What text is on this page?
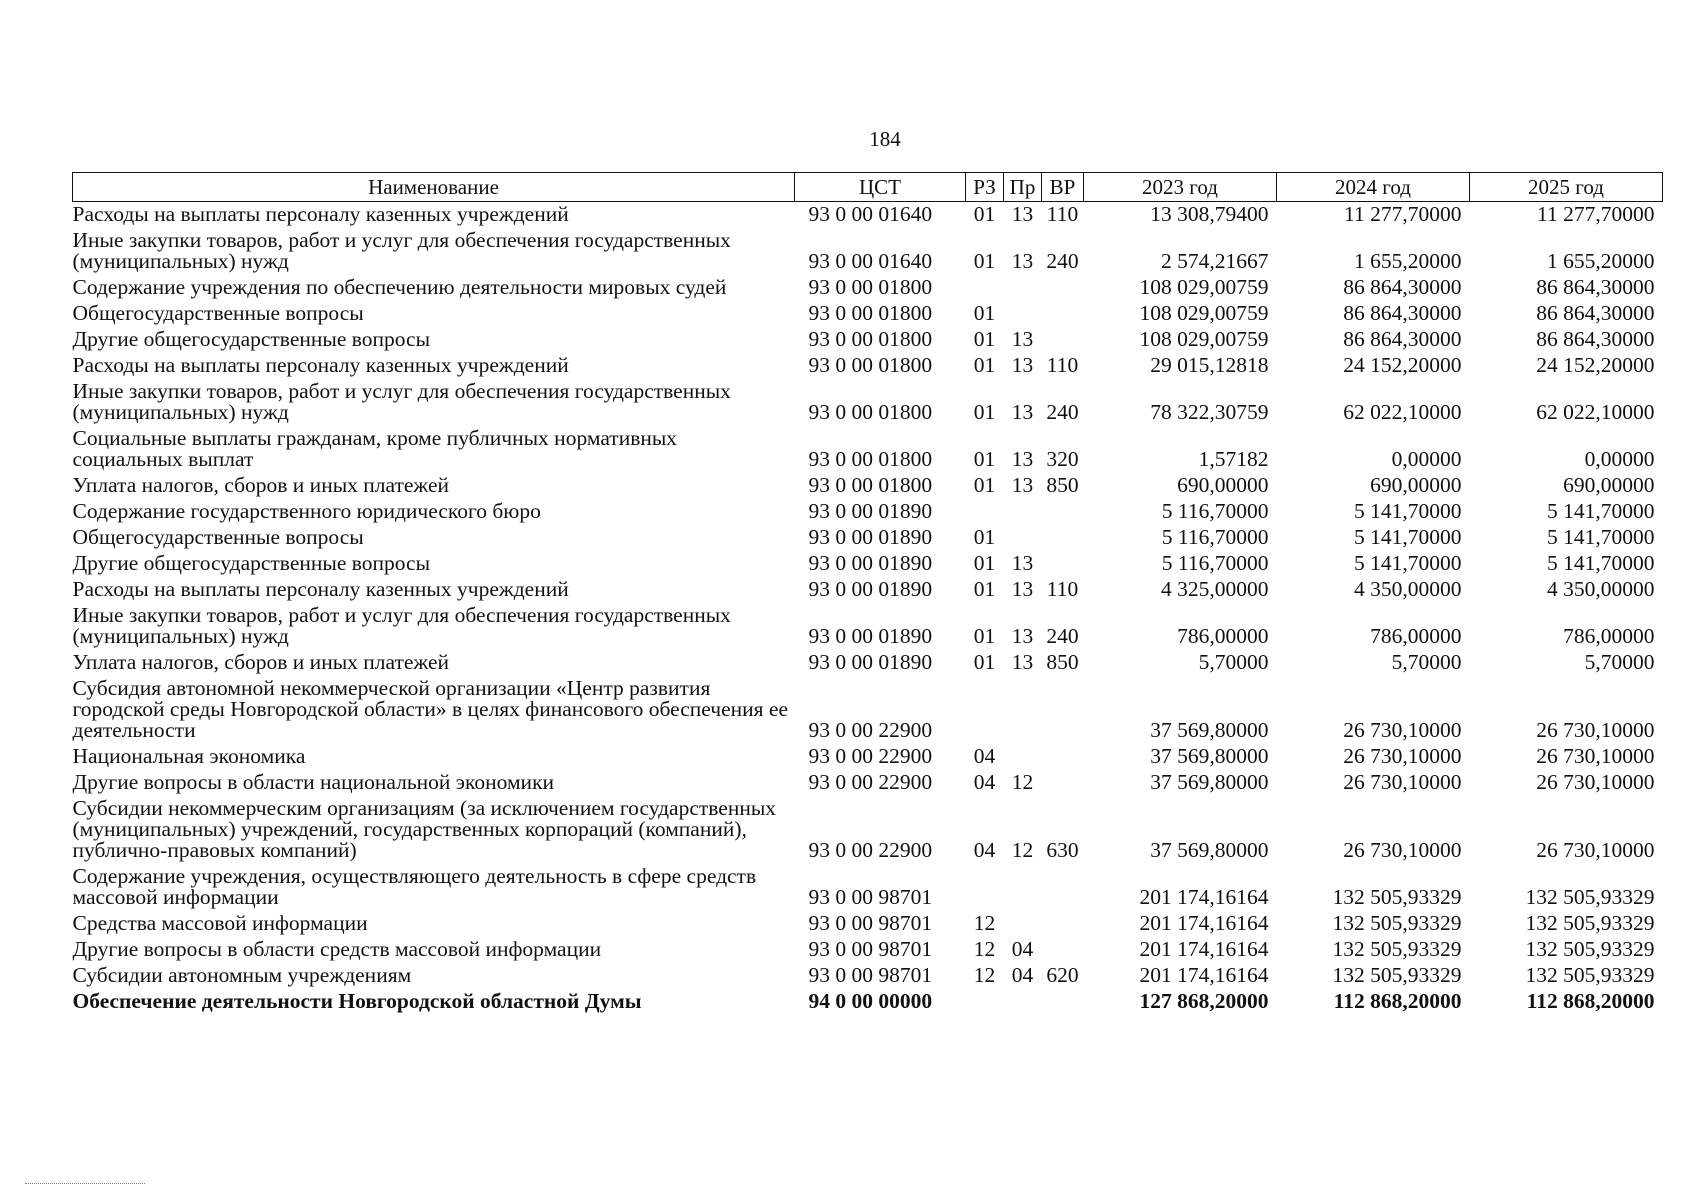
184
Наименование	ЦСТ	РЗ	Пр	ВР	2023 год	2024 год	2025 год
Расходы на выплаты персоналу казенных учреждений	93 0 00 01640	01	13	110	13 308,79400	11 277,70000	11 277,70000
Иные закупки товаров, работ и услуг для обеспечения государственных (муниципальных) нужд	93 0 00 01640	01	13	240	2 574,21667	1 655,20000	1 655,20000
Содержание учреждения по обеспечению деятельности мировых судей	93 0 00 01800				108 029,00759	86 864,30000	86 864,30000
Общегосударственные вопросы	93 0 00 01800	01			108 029,00759	86 864,30000	86 864,30000
Другие общегосударственные вопросы	93 0 00 01800	01	13		108 029,00759	86 864,30000	86 864,30000
Расходы на выплаты персоналу казенных учреждений	93 0 00 01800	01	13	110	29 015,12818	24 152,20000	24 152,20000
Иные закупки товаров, работ и услуг для обеспечения государственных (муниципальных) нужд	93 0 00 01800	01	13	240	78 322,30759	62 022,10000	62 022,10000
Социальные выплаты гражданам, кроме публичных нормативных социальных выплат	93 0 00 01800	01	13	320	1,57182	0,00000	0,00000
Уплата налогов, сборов и иных платежей	93 0 00 01800	01	13	850	690,00000	690,00000	690,00000
Содержание государственного юридического бюро	93 0 00 01890				5 116,70000	5 141,70000	5 141,70000
Общегосударственные вопросы	93 0 00 01890	01			5 116,70000	5 141,70000	5 141,70000
Другие общегосударственные вопросы	93 0 00 01890	01	13		5 116,70000	5 141,70000	5 141,70000
Расходы на выплаты персоналу казенных учреждений	93 0 00 01890	01	13	110	4 325,00000	4 350,00000	4 350,00000
Иные закупки товаров, работ и услуг для обеспечения государственных (муниципальных) нужд	93 0 00 01890	01	13	240	786,00000	786,00000	786,00000
Уплата налогов, сборов и иных платежей	93 0 00 01890	01	13	850	5,70000	5,70000	5,70000
Субсидия автономной некоммерческой организации «Центр развития городской среды Новгородской области» в целях финансового обеспечения ее деятельности	93 0 00 22900				37 569,80000	26 730,10000	26 730,10000
Национальная экономика	93 0 00 22900	04			37 569,80000	26 730,10000	26 730,10000
Другие вопросы в области национальной экономики	93 0 00 22900	04	12		37 569,80000	26 730,10000	26 730,10000
Субсидии некоммерческим организациям (за исключением государственных (муниципальных) учреждений, государственных корпораций (компаний), публично-правовых компаний)	93 0 00 22900	04	12	630	37 569,80000	26 730,10000	26 730,10000
Содержание учреждения, осуществляющего деятельность в сфере средств массовой информации	93 0 00 98701				201 174,16164	132 505,93329	132 505,93329
Средства массовой информации	93 0 00 98701	12			201 174,16164	132 505,93329	132 505,93329
Другие вопросы в области средств массовой информации	93 0 00 98701	12	04		201 174,16164	132 505,93329	132 505,93329
Субсидии автономным учреждениям	93 0 00 98701	12	04	620	201 174,16164	132 505,93329	132 505,93329
Обеспечение деятельности Новгородской областной Думы	94 0 00 00000				127 868,20000	112 868,20000	112 868,20000
